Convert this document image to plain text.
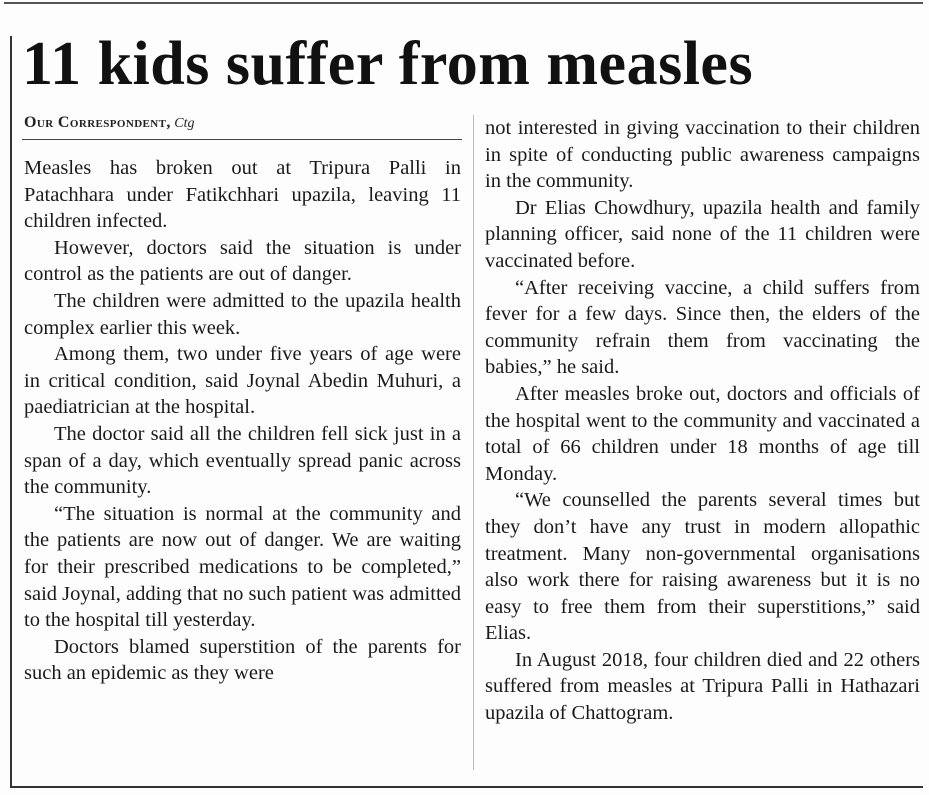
11 kids suffer from measles
Our Correspondent, Ctg

Measles has broken out at Tripura Palli in Patachhara under Fatikchhari upazila, leaving 11 children infected.

However, doctors said the situation is under control as the patients are out of danger.

The children were admitted to the upazila health complex earlier this week.

Among them, two under five years of age were in critical condition, said Joynal Abedin Muhuri, a paediatrician at the hospital.

The doctor said all the children fell sick just in a span of a day, which eventually spread panic across the community.

“The situation is normal at the community and the patients are now out of danger. We are waiting for their prescribed medications to be completed,” said Joynal, adding that no such patient was admitted to the hospital till yesterday.

Doctors blamed superstition of the parents for such an epidemic as they were

not interested in giving vaccination to their children in spite of conducting public awareness campaigns in the community.

Dr Elias Chowdhury, upazila health and family planning officer, said none of the 11 children were vaccinated before.

“After receiving vaccine, a child suffers from fever for a few days. Since then, the elders of the community refrain them from vaccinating the babies,” he said.

After measles broke out, doctors and officials of the hospital went to the community and vaccinated a total of 66 children under 18 months of age till Monday.

“We counselled the parents several times but they don’t have any trust in modern allopathic treatment. Many non-governmental organisations also work there for raising awareness but it is no easy to free them from their superstitions,” said Elias.

In August 2018, four children died and 22 others suffered from measles at Tripura Palli in Hathazari upazila of Chattogram.
